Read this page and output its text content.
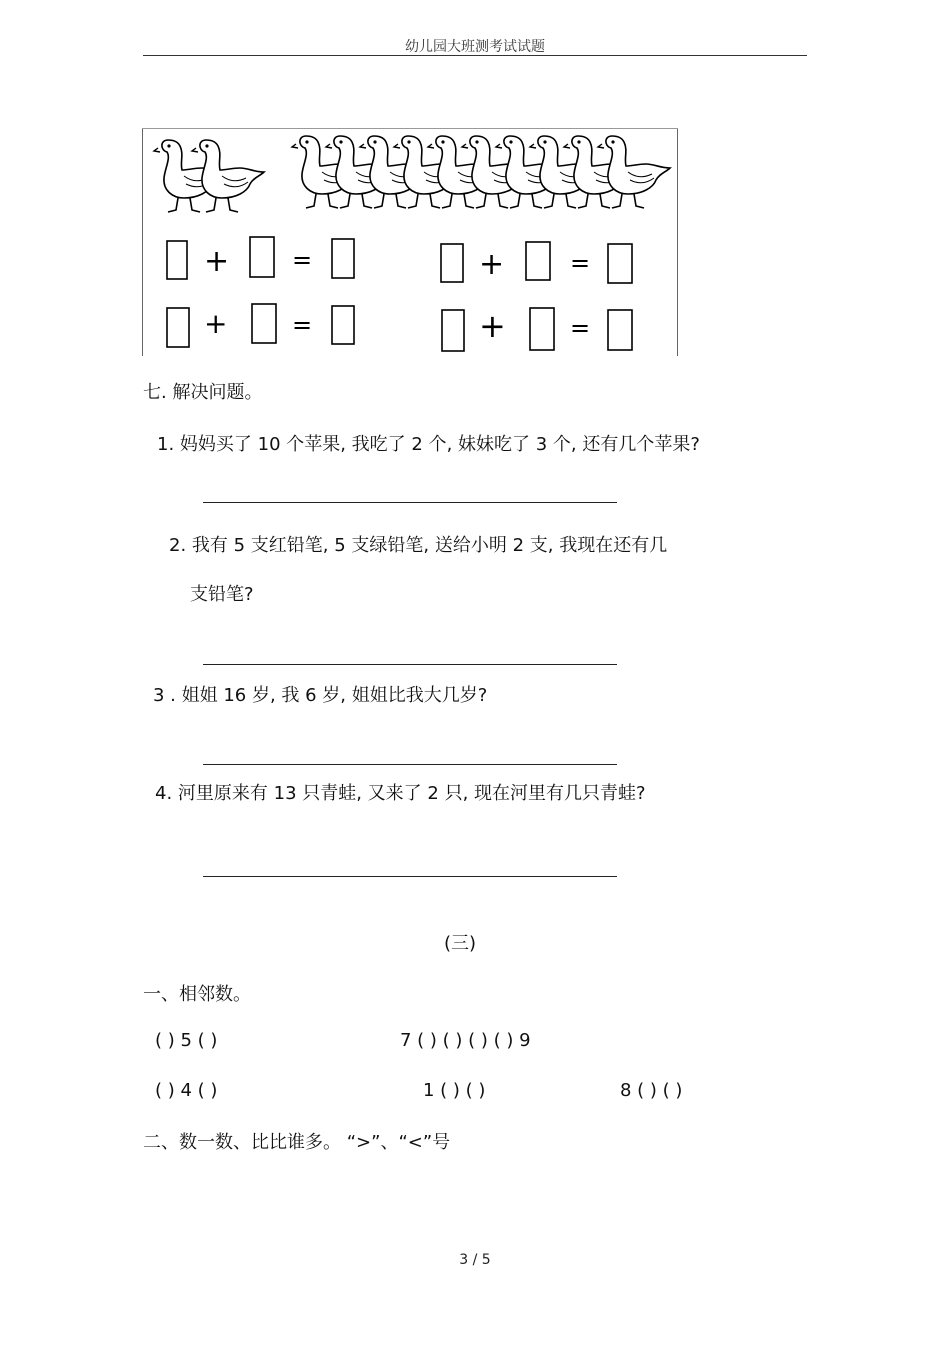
幼儿园大班测考试试题
+	=	+	=
+	=	+	=
七. 解决问题。
1. 妈妈买了 10 个苹果, 我吃了 2 个, 妹妹吃了 3 个, 还有几个苹果?
2. 我有 5 支红铅笔, 5 支绿铅笔, 送给小明 2 支, 我现在还有几
支铅笔?
3 . 姐姐 16 岁, 我 6 岁, 姐姐比我大几岁?
4. 河里原来有 13 只青蛙, 又来了 2 只, 现在河里有几只青蛙?
(三)
一、相邻数。
( ) 5 ( )	7 ( ) ( ) ( ) ( ) 9
( ) 4 ( )	1 ( ) ( )	8 ( ) ( )
二、数一数、比比谁多。 “>”、“<”号
3 / 5
